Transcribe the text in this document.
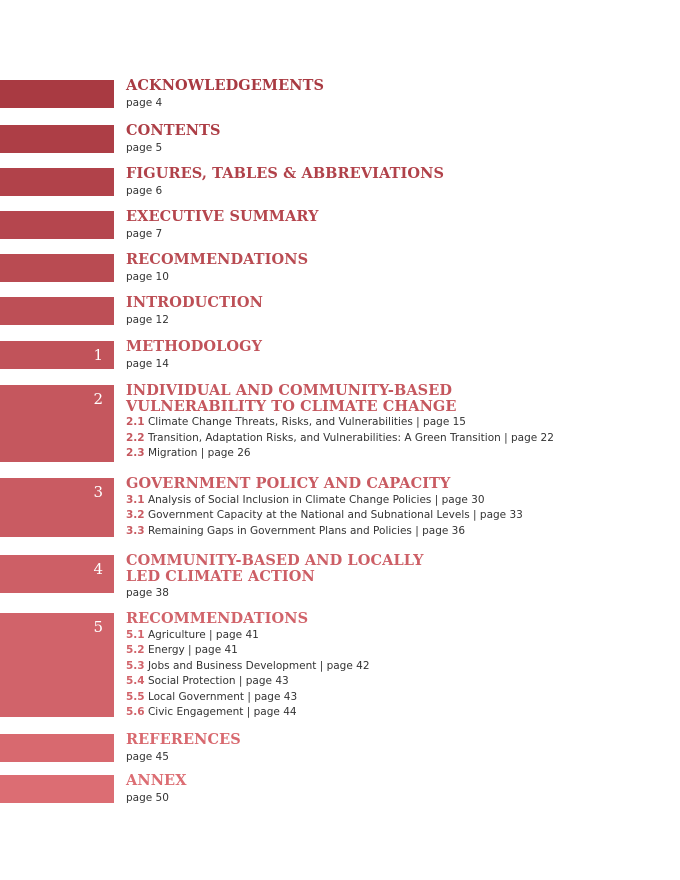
ACKNOWLEDGEMENTS
page 4
CONTENTS
page 5
FIGURES, TABLES & ABBREVIATIONS
page 6
EXECUTIVE SUMMARY
page 7
RECOMMENDATIONS
page 10
INTRODUCTION
page 12
1	METHODOLOGY
page 14
2	INDIVIDUAL AND COMMUNITY-BASED
VULNERABILITY TO CLIMATE CHANGE
2.1 Climate Change Threats, Risks, and Vulnerabilities | page 15
2.2 Transition, Adaptation Risks, and Vulnerabilities: A Green Transition | page 22
2.3 Migration | page 26
3	GOVERNMENT POLICY AND CAPACITY
3.1 Analysis of Social Inclusion in Climate Change Policies | page 30
3.2 Government Capacity at the National and Subnational Levels | page 33
3.3 Remaining Gaps in Government Plans and Policies | page 36
4	COMMUNITY-BASED AND LOCALLY
LED CLIMATE ACTION
page 38
5	RECOMMENDATIONS
5.1 Agriculture | page 41
5.2 Energy | page 41
5.3 Jobs and Business Development | page 42
5.4 Social Protection | page 43
5.5 Local Government | page 43
5.6 Civic Engagement | page 44
REFERENCES
page 45
ANNEX
page 50
